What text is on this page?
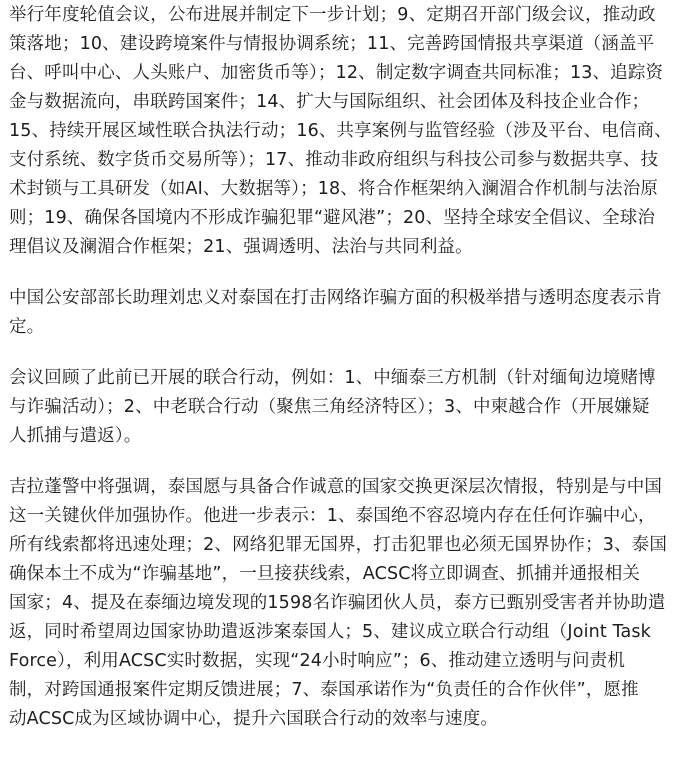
举行年度轮值会议，公布进展并制定下一步计划；9、定期召开部门级会议，推动政
策落地；10、建设跨境案件与情报协调系统；11、完善跨国情报共享渠道（涵盖平
台、呼叫中心、人头账户、加密货币等）；12、制定数字调查共同标准；13、追踪资
金与数据流向，串联跨国案件；14、扩大与国际组织、社会团体及科技企业合作；
15、持续开展区域性联合执法行动；16、共享案例与监管经验（涉及平台、电信商、
支付系统、数字货币交易所等）；17、推动非政府组织与科技公司参与数据共享、技
术封锁与工具研发（如AI、大数据等）；18、将合作框架纳入澜湄合作机制与法治原
则；19、确保各国境内不形成诈骗犯罪“避风港”；20、坚持全球安全倡议、全球治
理倡议及澜湄合作框架；21、强调透明、法治与共同利益。

中国公安部部长助理刘忠义对泰国在打击网络诈骗方面的积极举措与透明态度表示肯
定。

会议回顾了此前已开展的联合行动，例如：1、中缅泰三方机制（针对缅甸边境赌博
与诈骗活动）；2、中老联合行动（聚焦三角经济特区）；3、中柬越合作（开展嫌疑
人抓捕与遣返）。

吉拉蓬警中将强调，泰国愿与具备合作诚意的国家交换更深层次情报，特别是与中国
这一关键伙伴加强协作。他进一步表示：1、泰国绝不容忍境内存在任何诈骗中心，
所有线索都将迅速处理；2、网络犯罪无国界，打击犯罪也必须无国界协作；3、泰国
确保本土不成为“诈骗基地”，一旦接获线索，ACSC将立即调查、抓捕并通报相关
国家；4、提及在泰缅边境发现的1598名诈骗团伙人员，泰方已甄别受害者并协助遣
返，同时希望周边国家协助遣返涉案泰国人；5、建议成立联合行动组（Joint Task
Force），利用ACSC实时数据，实现“24小时响应”；6、推动建立透明与问责机
制，对跨国通报案件定期反馈进展；7、泰国承诺作为“负责任的合作伙伴”，愿推
动ACSC成为区域协调中心，提升六国联合行动的效率与速度。
